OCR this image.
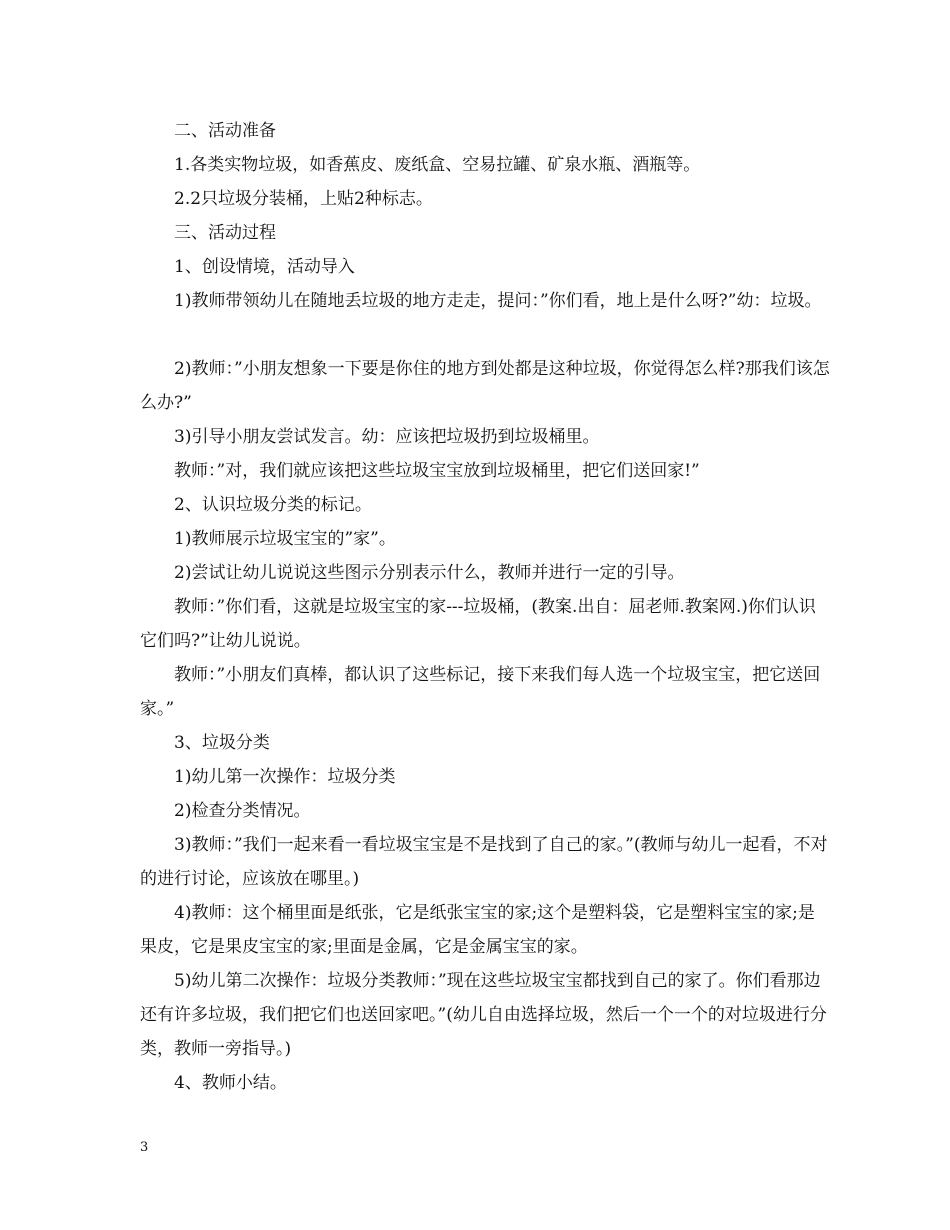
二、活动准备

1.各类实物垃圾，如香蕉皮、废纸盒、空易拉罐、矿泉水瓶、酒瓶等。

2.2只垃圾分装桶，上贴2种标志。

三、活动过程

1、创设情境，活动导入

1)教师带领幼儿在随地丢垃圾的地方走走，提问：”你们看，地上是什么呀?”幼：垃圾。

2)教师：”小朋友想象一下要是你住的地方到处都是这种垃圾，你觉得怎么样?那我们该怎么办?”

3)引导小朋友尝试发言。幼：应该把垃圾扔到垃圾桶里。

教师：”对，我们就应该把这些垃圾宝宝放到垃圾桶里，把它们送回家!”

2、认识垃圾分类的标记。

1)教师展示垃圾宝宝的”家”。

2)尝试让幼儿说说这些图示分别表示什么，教师并进行一定的引导。

教师：”你们看，这就是垃圾宝宝的家---垃圾桶，(教案.出自：屈老师.教案网.)你们认识它们吗?”让幼儿说说。

教师：”小朋友们真棒，都认识了这些标记，接下来我们每人选一个垃圾宝宝，把它送回家。”

3、垃圾分类

1)幼儿第一次操作：垃圾分类

2)检查分类情况。

3)教师：”我们一起来看一看垃圾宝宝是不是找到了自己的家。”(教师与幼儿一起看，不对的进行讨论，应该放在哪里。)

4)教师：这个桶里面是纸张，它是纸张宝宝的家;这个是塑料袋，它是塑料宝宝的家;是果皮，它是果皮宝宝的家;里面是金属，它是金属宝宝的家。

5)幼儿第二次操作：垃圾分类教师：”现在这些垃圾宝宝都找到自己的家了。你们看那边还有许多垃圾，我们把它们也送回家吧。”(幼儿自由选择垃圾，然后一个一个的对垃圾进行分类，教师一旁指导。)

4、教师小结。

3
